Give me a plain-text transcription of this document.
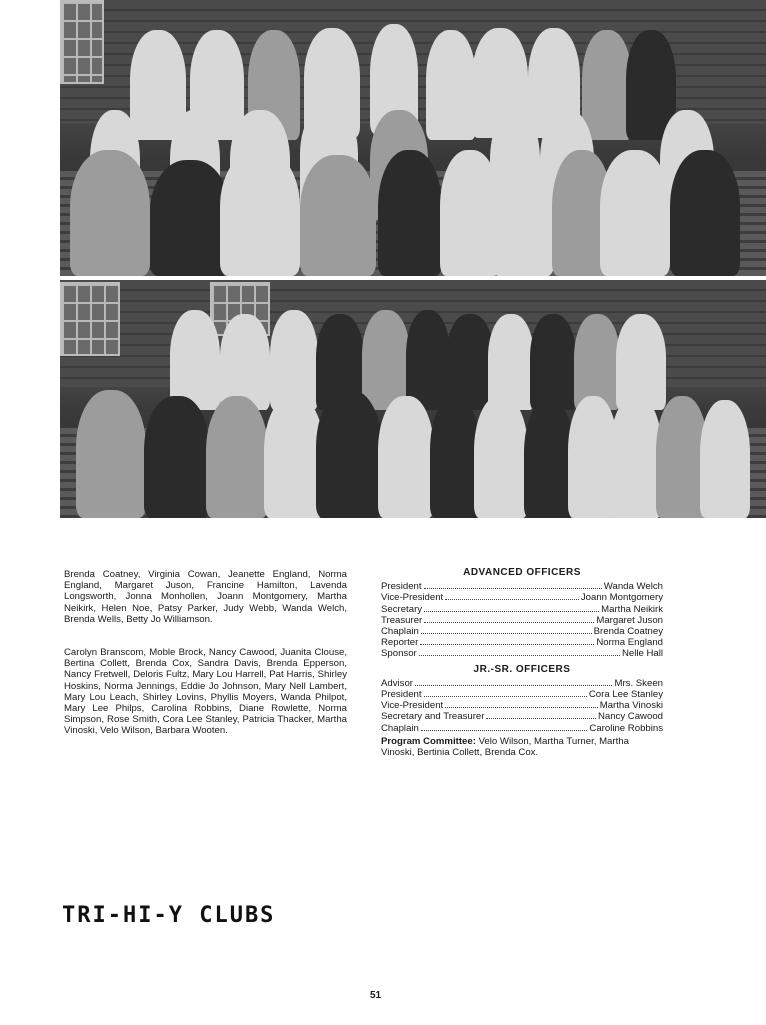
Brenda Coatney, Virginia Cowan, Jeanette England, Norma England, Margaret Juson, Francine Hamilton, Lavenda Longsworth, Jonna Monhollen, Joann Montgomery, Martha Neikirk, Helen Noe, Patsy Parker, Judy Webb, Wanda Welch, Brenda Wells, Betty Jo Williamson.

Carolyn Branscom, Moble Brock, Nancy Cawood, Juanita Clouse, Bertina Collett, Brenda Cox, Sandra Davis, Brenda Epperson, Nancy Fretwell, Deloris Fultz, Mary Lou Harrell, Pat Harris, Shirley Hoskins, Norma Jennings, Eddie Jo Johnson, Mary Nell Lambert, Mary Lou Leach, Shirley Lovins, Phyllis Moyers, Wanda Philpot, Mary Lee Philps, Carolina Robbins, Diane Rowlette, Norma Simpson, Rose Smith, Cora Lee Stanley, Patricia Thacker, Martha Vinoski, Velo Wilson, Barbara Wooten.

ADVANCED OFFICERS
President	Wanda Welch
Vice-President	Joann Montgomery
Secretary	Martha Neikirk
Treasurer	Margaret Juson
Chaplain	Brenda Coatney
Reporter	Norma England
Sponsor	Nelle Hall
JR.-SR. OFFICERS
Advisor	Mrs. Skeen
President	Cora Lee Stanley
Vice-President	Martha Vinoski
Secretary and Treasurer	Nancy Cawood
Chaplain	Caroline Robbins
Program Committee: Velo Wilson, Martha Turner, Martha Vinoski, Bertinia Collett, Brenda Cox.
TRI-HI-Y CLUBS
51
